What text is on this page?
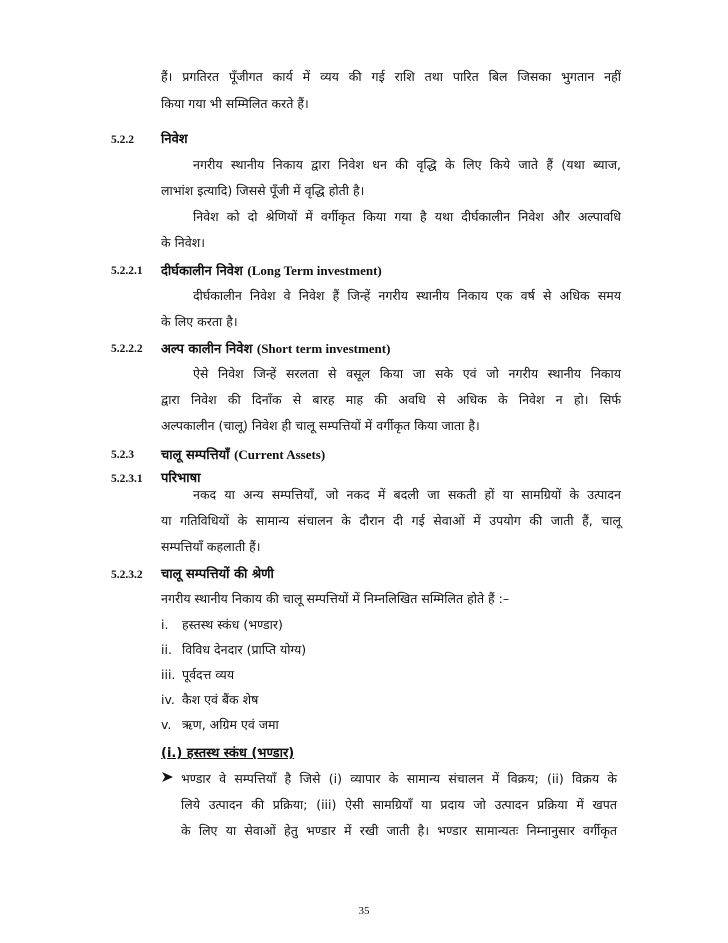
हैं। प्रगतिरत पूँजीगत कार्य में व्यय की गई राशि तथा पारित बिल जिसका भुगतान नहीं
किया गया भी सम्मिलित करते हैं।
5.2.2 निवेश
नगरीय स्थानीय निकाय द्वारा निवेश धन की वृद्धि के लिए किये जाते हैं (यथा ब्याज,
लाभांश इत्यादि) जिससे पूँजी में वृद्धि होती है।
निवेश को दो श्रेणियों में वर्गीकृत किया गया है यथा दीर्घकालीन निवेश और अल्पावधि
के निवेश।
5.2.2.1 दीर्घकालीन निवेश (Long Term investment)
दीर्घकालीन निवेश वे निवेश हैं जिन्हें नगरीय स्थानीय निकाय एक वर्ष से अधिक समय
के लिए करता है।
5.2.2.2 अल्प कालीन निवेश (Short term investment)
ऐसे निवेश जिन्हें सरलता से वसूल किया जा सके एवं जो नगरीय स्थानीय निकाय
द्वारा निवेश की दिनाँक से बारह माह की अवधि से अधिक के निवेश न हो। सिर्फ
अल्पकालीन (चालू) निवेश ही चालू सम्पत्तियों में वर्गीकृत किया जाता है।
5.2.3 चालू सम्पत्तियाँ (Current Assets)
5.2.3.1 परिभाषा
नकद या अन्य सम्पत्तियाँ, जो नकद में बदली जा सकती हों या सामग्रियों के उत्पादन
या गतिविधियों के सामान्य संचालन के दौरान दी गई सेवाओं में उपयोग की जाती हैं, चालू
सम्पत्तियाँ कहलाती हैं।
5.2.3.2 चालू सम्पत्तियों की श्रेणी
नगरीय स्थानीय निकाय की चालू सम्पत्तियों में निम्नलिखित सम्मिलित होते हैं :–
i. हस्तस्थ स्कंध (भण्डार)
ii. विविध देनदार (प्राप्ति योग्य)
iii. पूर्वदत्त व्यय
iv. कैश एवं बैंक शेष
v. ऋण, अग्रिम एवं जमा
(i.) हस्तस्थ स्कंध (भण्डार)
भण्डार वे सम्पत्तियाँ है जिसे (i) व्यापार के सामान्य संचालन में विक्रय; (ii) विक्रय के
लिये उत्पादन की प्रक्रिया; (iii) ऐसी सामग्रियाँ या प्रदाय जो उत्पादन प्रक्रिया में खपत
के लिए या सेवाओं हेतु भण्डार में रखी जाती है। भण्डार सामान्यतः निम्नानुसार वर्गीकृत
35
